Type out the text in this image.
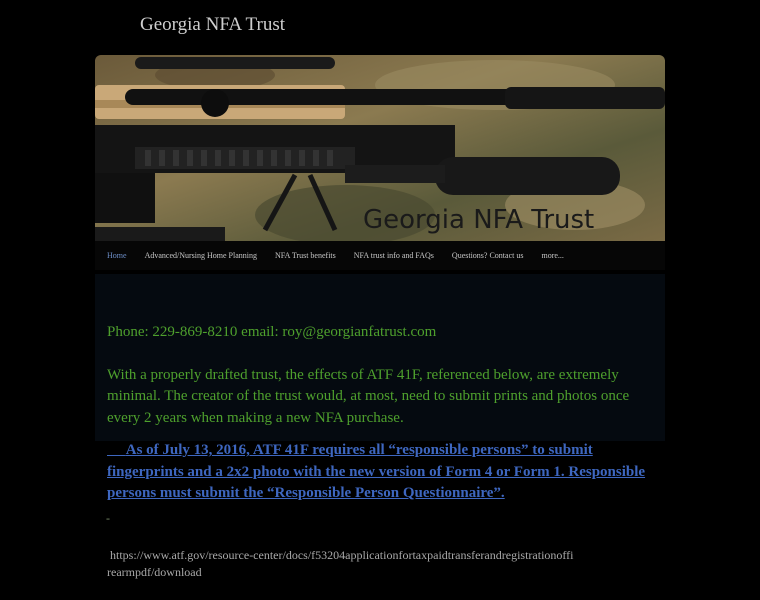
Georgia NFA Trust
Georgia NFA Trust
Home	Advanced/Nursing Home Planning	NFA Trust benefits	NFA trust info and FAQs	Questions? Contact us	more...

Phone: 229-869-8210 email: roy@georgianfatrust.com

With a properly drafted trust, the effects of ATF 41F, referenced below, are extremely minimal. The creator of the trust would, at most, need to submit prints and photos once every 2 years when making a new NFA purchase.

As of July 13, 2016, ATF 41F requires all “responsible persons” to submit fingerprints and a 2x2 photo with the new version of Form 4 or Form 1. Responsible persons must submit the “Responsible Person Questionnaire”.
-
https://www.atf.gov/resource-center/docs/f53204applicationfortaxpaidtransferandregistrationoffirearmpdf/download
